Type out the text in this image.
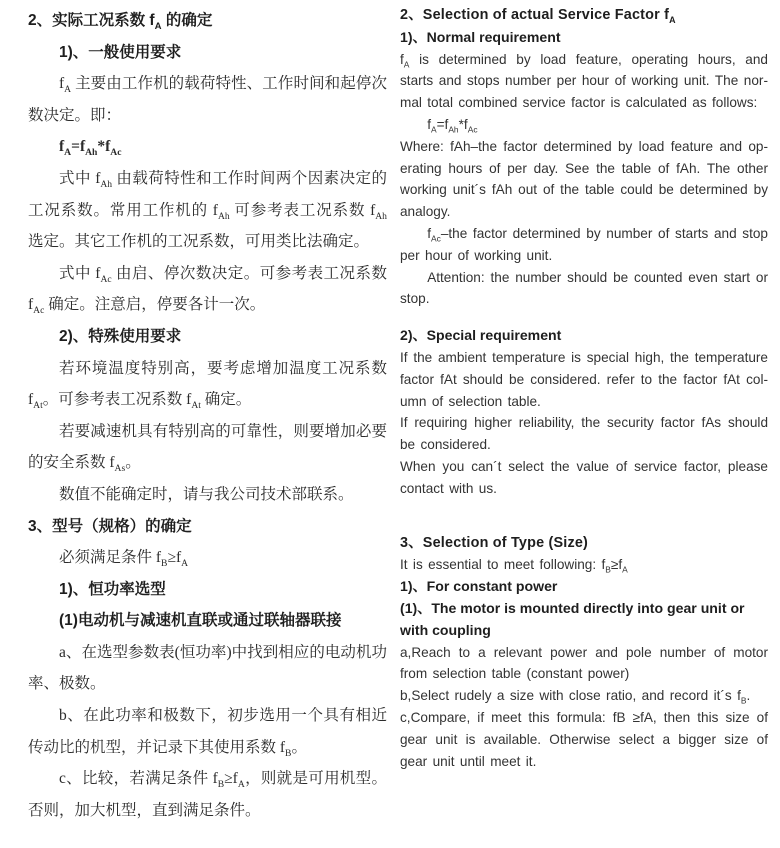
2、实际工况系数 $f_A$ 的确定
1)、一般使用要求
$f_A$ 主要由工作机的载荷特性、工作时间和起停次数决定。即：
$f_A=f_{Ah}*f_{Ac}$
式中 $f_{Ah}$ 由载荷特性和工作时间两个因素决定的工况系数。常用工作机的 $f_{Ah}$ 可参考表工况系数 $f_{Ah}$ 选定。其它工作机的工况系数，可用类比法确定。
式中 $f_{Ac}$ 由启、停次数决定。可参考表工况系数 $f_{Ac}$ 确定。注意启，停要各计一次。
2)、特殊使用要求
若环境温度特别高，要考虑增加温度工况系数 $f_{At}$。可参考表工况系数 $f_{At}$ 确定。
若要减速机具有特别高的可靠性，则要增加必要的安全系数 $f_{As}$。
数值不能确定时，请与我公司技术部联系。
3、型号（规格）的确定
必须满足条件 $f_B\ge f_A$
1)、恒功率选型
(1)电动机与减速机直联或通过联轴器联接
a、在选型参数表(恒功率)中找到相应的电动机功率、极数。
b、在此功率和极数下，初步选用一个具有相近传动比的机型，并记录下其使用系数 $f_B$。
c、比较，若满足条件 $f_B\ge f_A$，则就是可用机型。否则，加大机型，直到满足条件。
2、Selection of actual Service Factor $f_A$
1)、Normal requirement
$f_A$ is determined by load feature, operating hours, and starts and stops number per hour of working unit. The nor-mal total combined service factor is calculated as follows:
$f_A=f_{Ah}*f_{Ac}$
Where: fAh–the factor determined by load feature and op-erating hours of per day. See the table of fAh. The other working unit´s fAh out of the table could be determined by analogy.
$f_{Ac}$–the factor determined by number of starts and stop per hour of working unit.
Attention: the number should be counted even start or stop.
2)、Special requirement
If the ambient temperature is special high, the temperature factor fAt should be considered. refer to the factor fAt col-umn of selection table.
If requiring higher reliability, the security factor fAs should be considered.
When you can´t select the value of service factor, please contact with us.
3、Selection of Type (Size)
It is essential to meet following: $f_B\ge f_A$
1)、For constant power
(1)、The motor is mounted directly into gear unit or with coupling
a,Reach to a relevant power and pole number of motor from selection table (constant power)
b,Select rudely a size with close ratio, and record it´s $f_B$.
c,Compare, if meet this formula: fB ≥fA, then this size of gear unit is available. Otherwise select a bigger size of gear unit until meet it.
